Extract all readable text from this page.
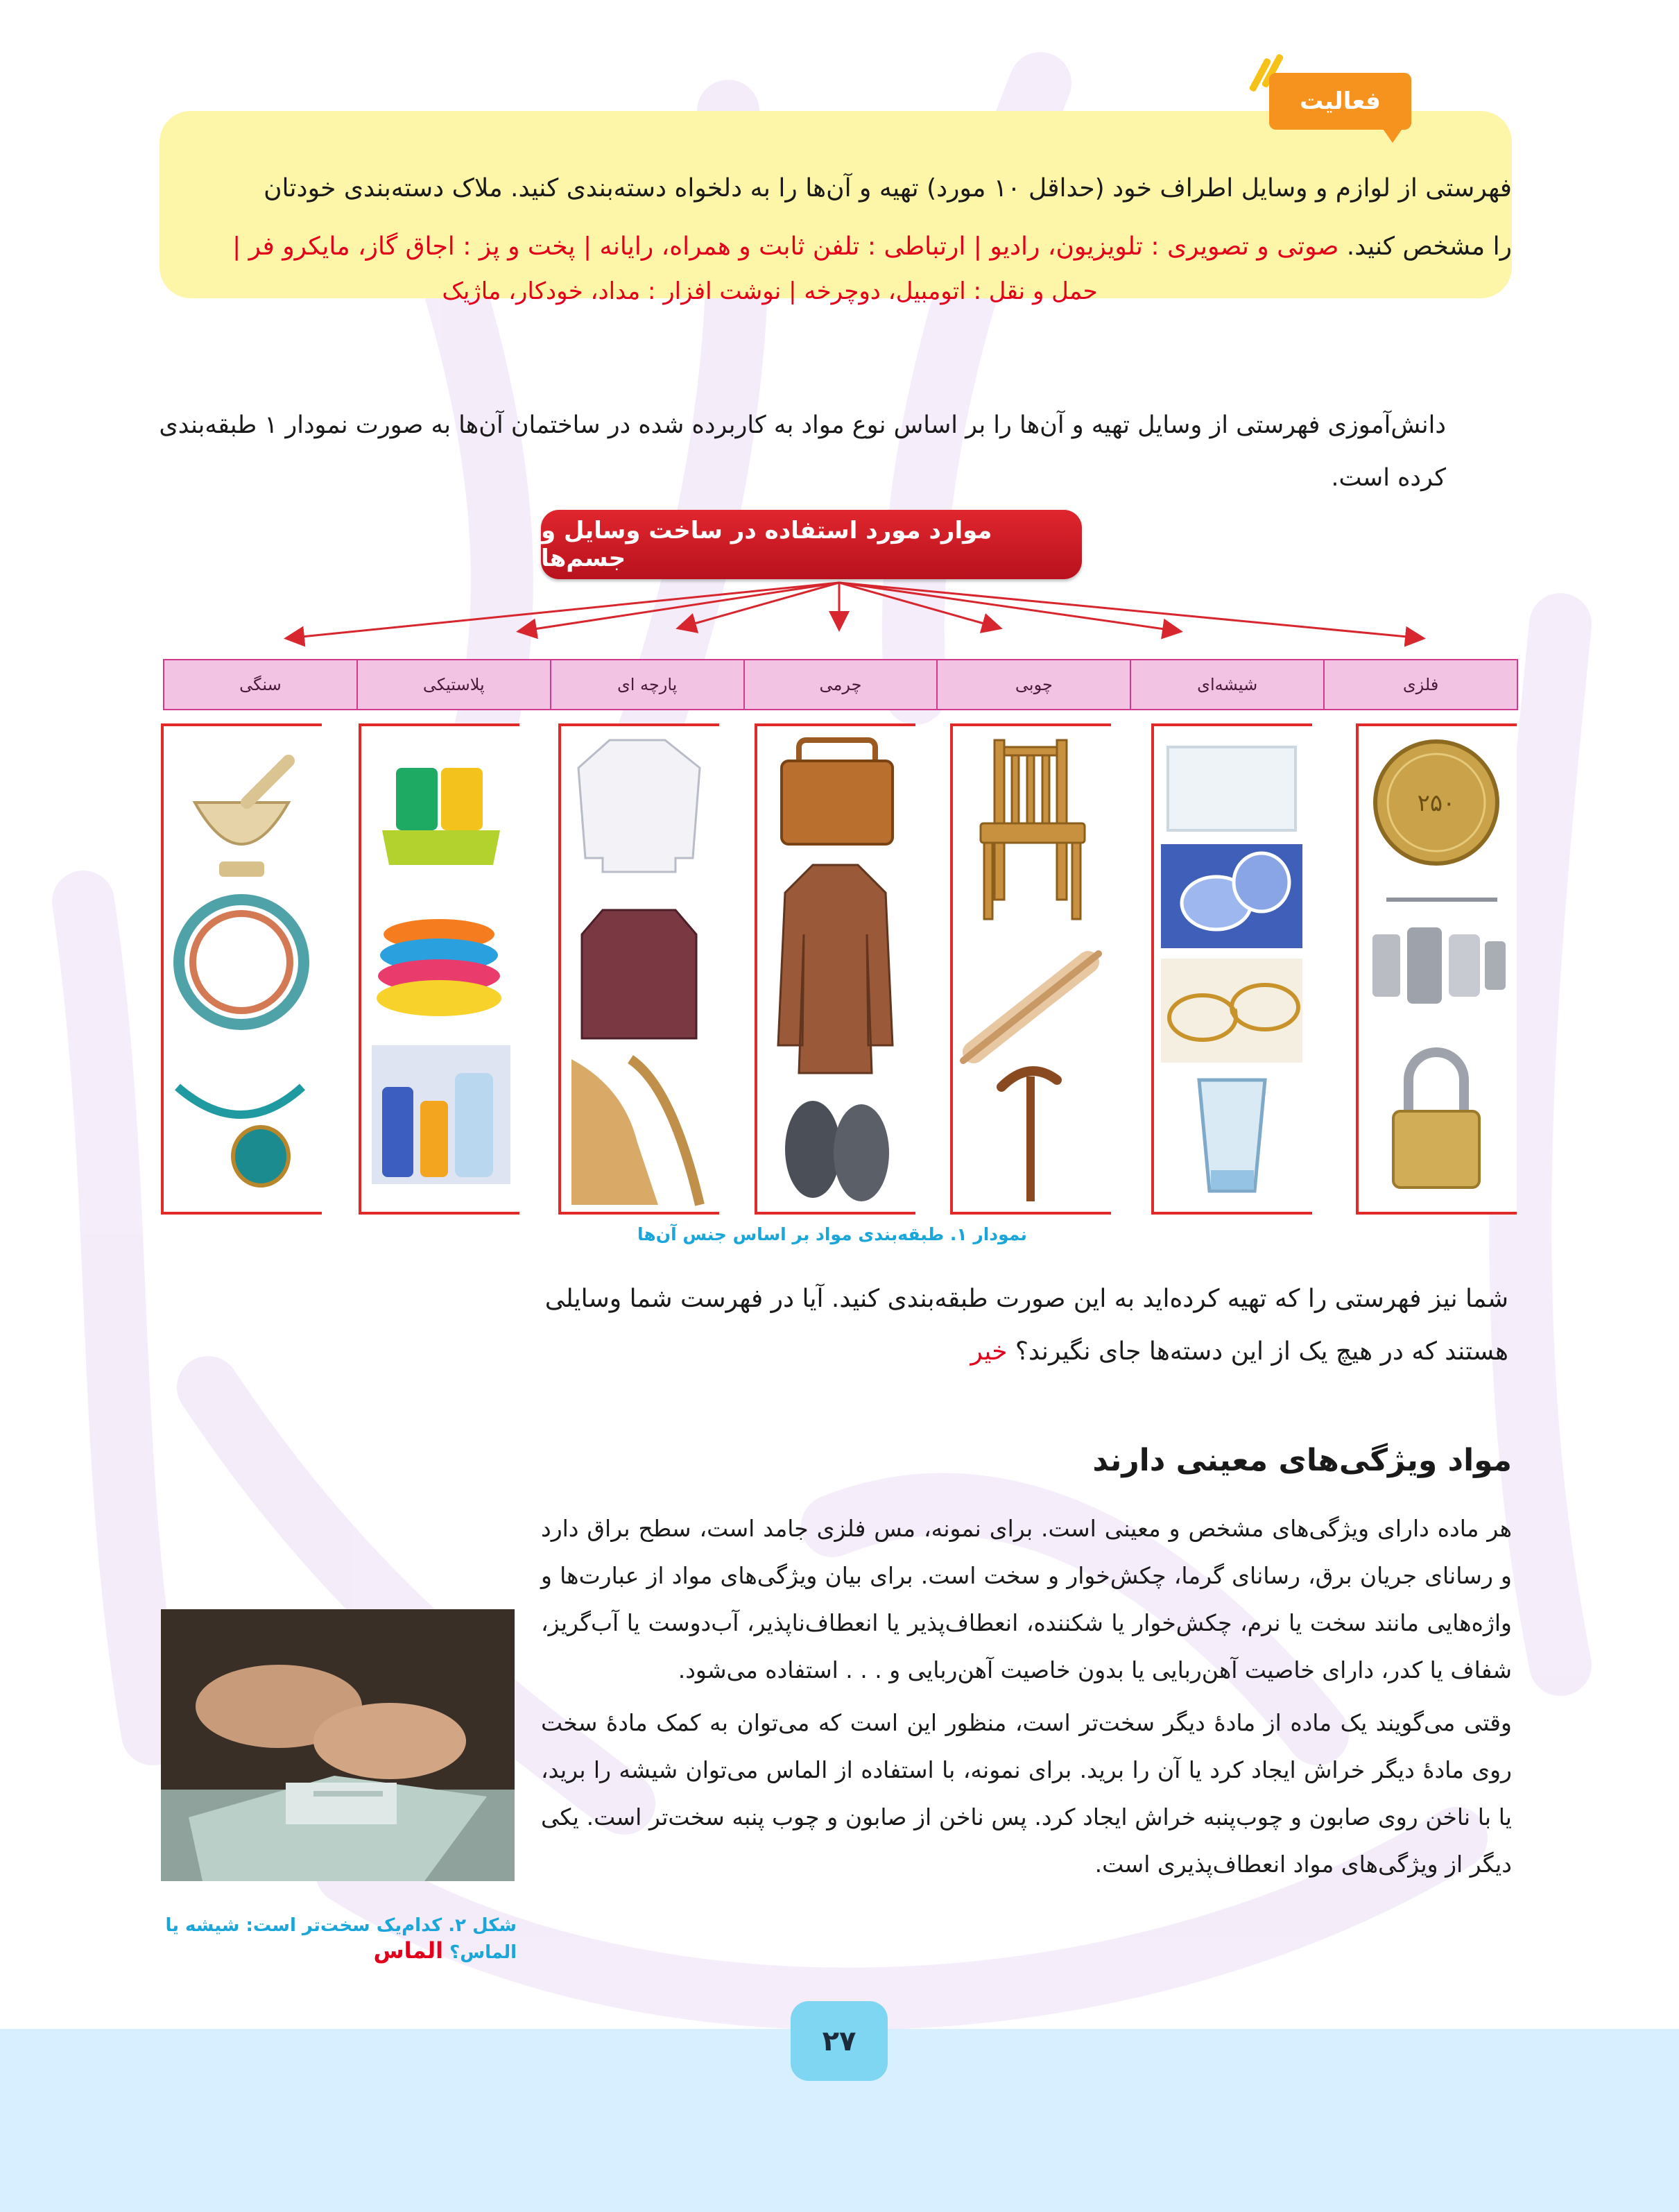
۲۷
فعالیت
فهرستی از لوازم و وسایل اطراف خود (حداقل ۱۰ مورد) تهیه و آن‌ها را به دلخواه دسته‌بندی کنید. ملاک دسته‌بندی خودتان
را مشخص کنید. صوتی و تصویری : تلویزیون، رادیو | ارتباطی : تلفن ثابت و همراه، رایانه | پخت و پز : اجاق گاز، مایکرو فر |
حمل و نقل : اتومبیل، دوچرخه | نوشت افزار : مداد، خودکار، ماژیک
دانش‌آموزی فهرستی از وسایل تهیه و آن‌ها را بر اساس نوع مواد به کاربرده شده در ساختمان آن‌ها به صورت نمودار ۱ طبقه‌بندی کرده است.
موارد مورد استفاده در ساخت وسایل و جسم‌ها
فلزی
شیشه‌ای
چوبی
چرمی
پارچه ای
پلاستیکی
سنگی
۲۵۰
نمودار ۱. طبقه‌بندی مواد بر اساس جنس آن‌ها
شما نیز فهرستی را که تهیه کرده‌اید به این صورت طبقه‌بندی کنید. آیا در فهرست شما وسایلی هستند که در هیچ یک از این دسته‌ها جای نگیرند؟ خیر
مواد ویژگی‌های معینی دارند

هر ماده دارای ویژگی‌های مشخص و معینی است. برای نمونه، مس فلزی جامد است، سطح براق دارد و رسانای جریان برق، رسانای گرما، چکش‌خوار و سخت است. برای بیان ویژگی‌های مواد از عبارت‌ها و واژه‌هایی مانند سخت یا نرم، چکش‌خوار یا شکننده، انعطاف‌پذیر یا انعطاف‌ناپذیر، آب‌دوست یا آب‌گریز، شفاف یا کدر، دارای خاصیت آهن‌ربایی یا بدون خاصیت آهن‌ربایی و . . . استفاده می‌شود.

وقتی می‌گویند یک ماده از مادهٔ دیگر سخت‌تر است، منظور این است که می‌توان به کمک مادهٔ سخت روی مادهٔ دیگر خراش ایجاد کرد یا آن را برید. برای نمونه، با استفاده از الماس می‌توان شیشه را برید، یا با ناخن روی صابون و چوب‌پنبه خراش ایجاد کرد. پس ناخن از صابون و چوب پنبه سخت‌تر است. یکی دیگر از ویژگی‌های مواد انعطاف‌پذیری است.

شکل ۲. کدام‌یک سخت‌تر است: شیشه یا الماس؟ الماس
